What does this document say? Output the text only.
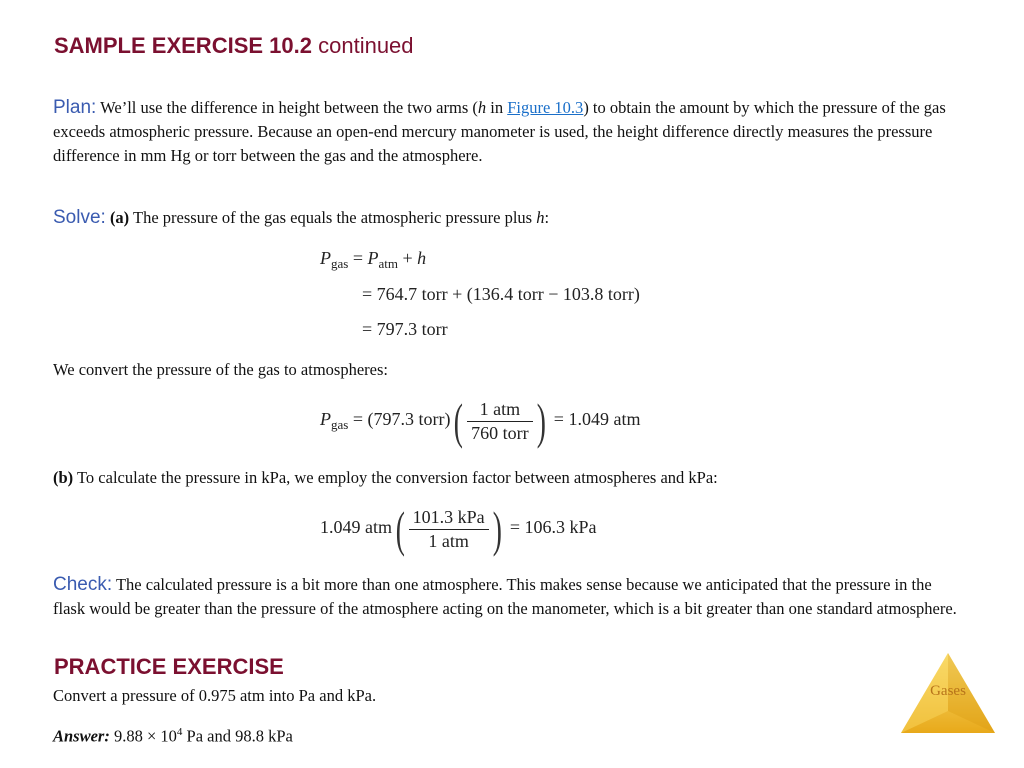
SAMPLE EXERCISE 10.2 continued
Plan: We’ll use the difference in height between the two arms (h in Figure 10.3) to obtain the amount by which the pressure of the gas exceeds atmospheric pressure. Because an open-end mercury manometer is used, the height difference directly measures the pressure difference in mm Hg or torr between the gas and the atmosphere.
Solve: (a) The pressure of the gas equals the atmospheric pressure plus h:
$P_{gas} = P_{atm} + h$
= 764.7 torr + (136.4 torr − 103.8 torr)
= 797.3 torr
We convert the pressure of the gas to atmospheres:
$P_{gas} = (797.3$ torr)( $\frac{\text{1 atm}}{\text{760 torr}}$ ) = 1.049 atm
(b) To calculate the pressure in kPa, we employ the conversion factor between atmospheres and kPa:
1.049 $atm( \frac{\text{101.3 kPa}}{\text{1 atm}}$ ) = 106.3 kPa
Check: The calculated pressure is a bit more than one atmosphere. This makes sense because we anticipated that the pressure in the flask would be greater than the pressure of the atmosphere acting on the manometer, which is a bit greater than one standard atmosphere.
PRACTICE EXERCISE
Convert a pressure of 0.975 atm into Pa and kPa.
Answer: $9.88 \times 10^4$ Pa and 98.8 kPa
Gases
